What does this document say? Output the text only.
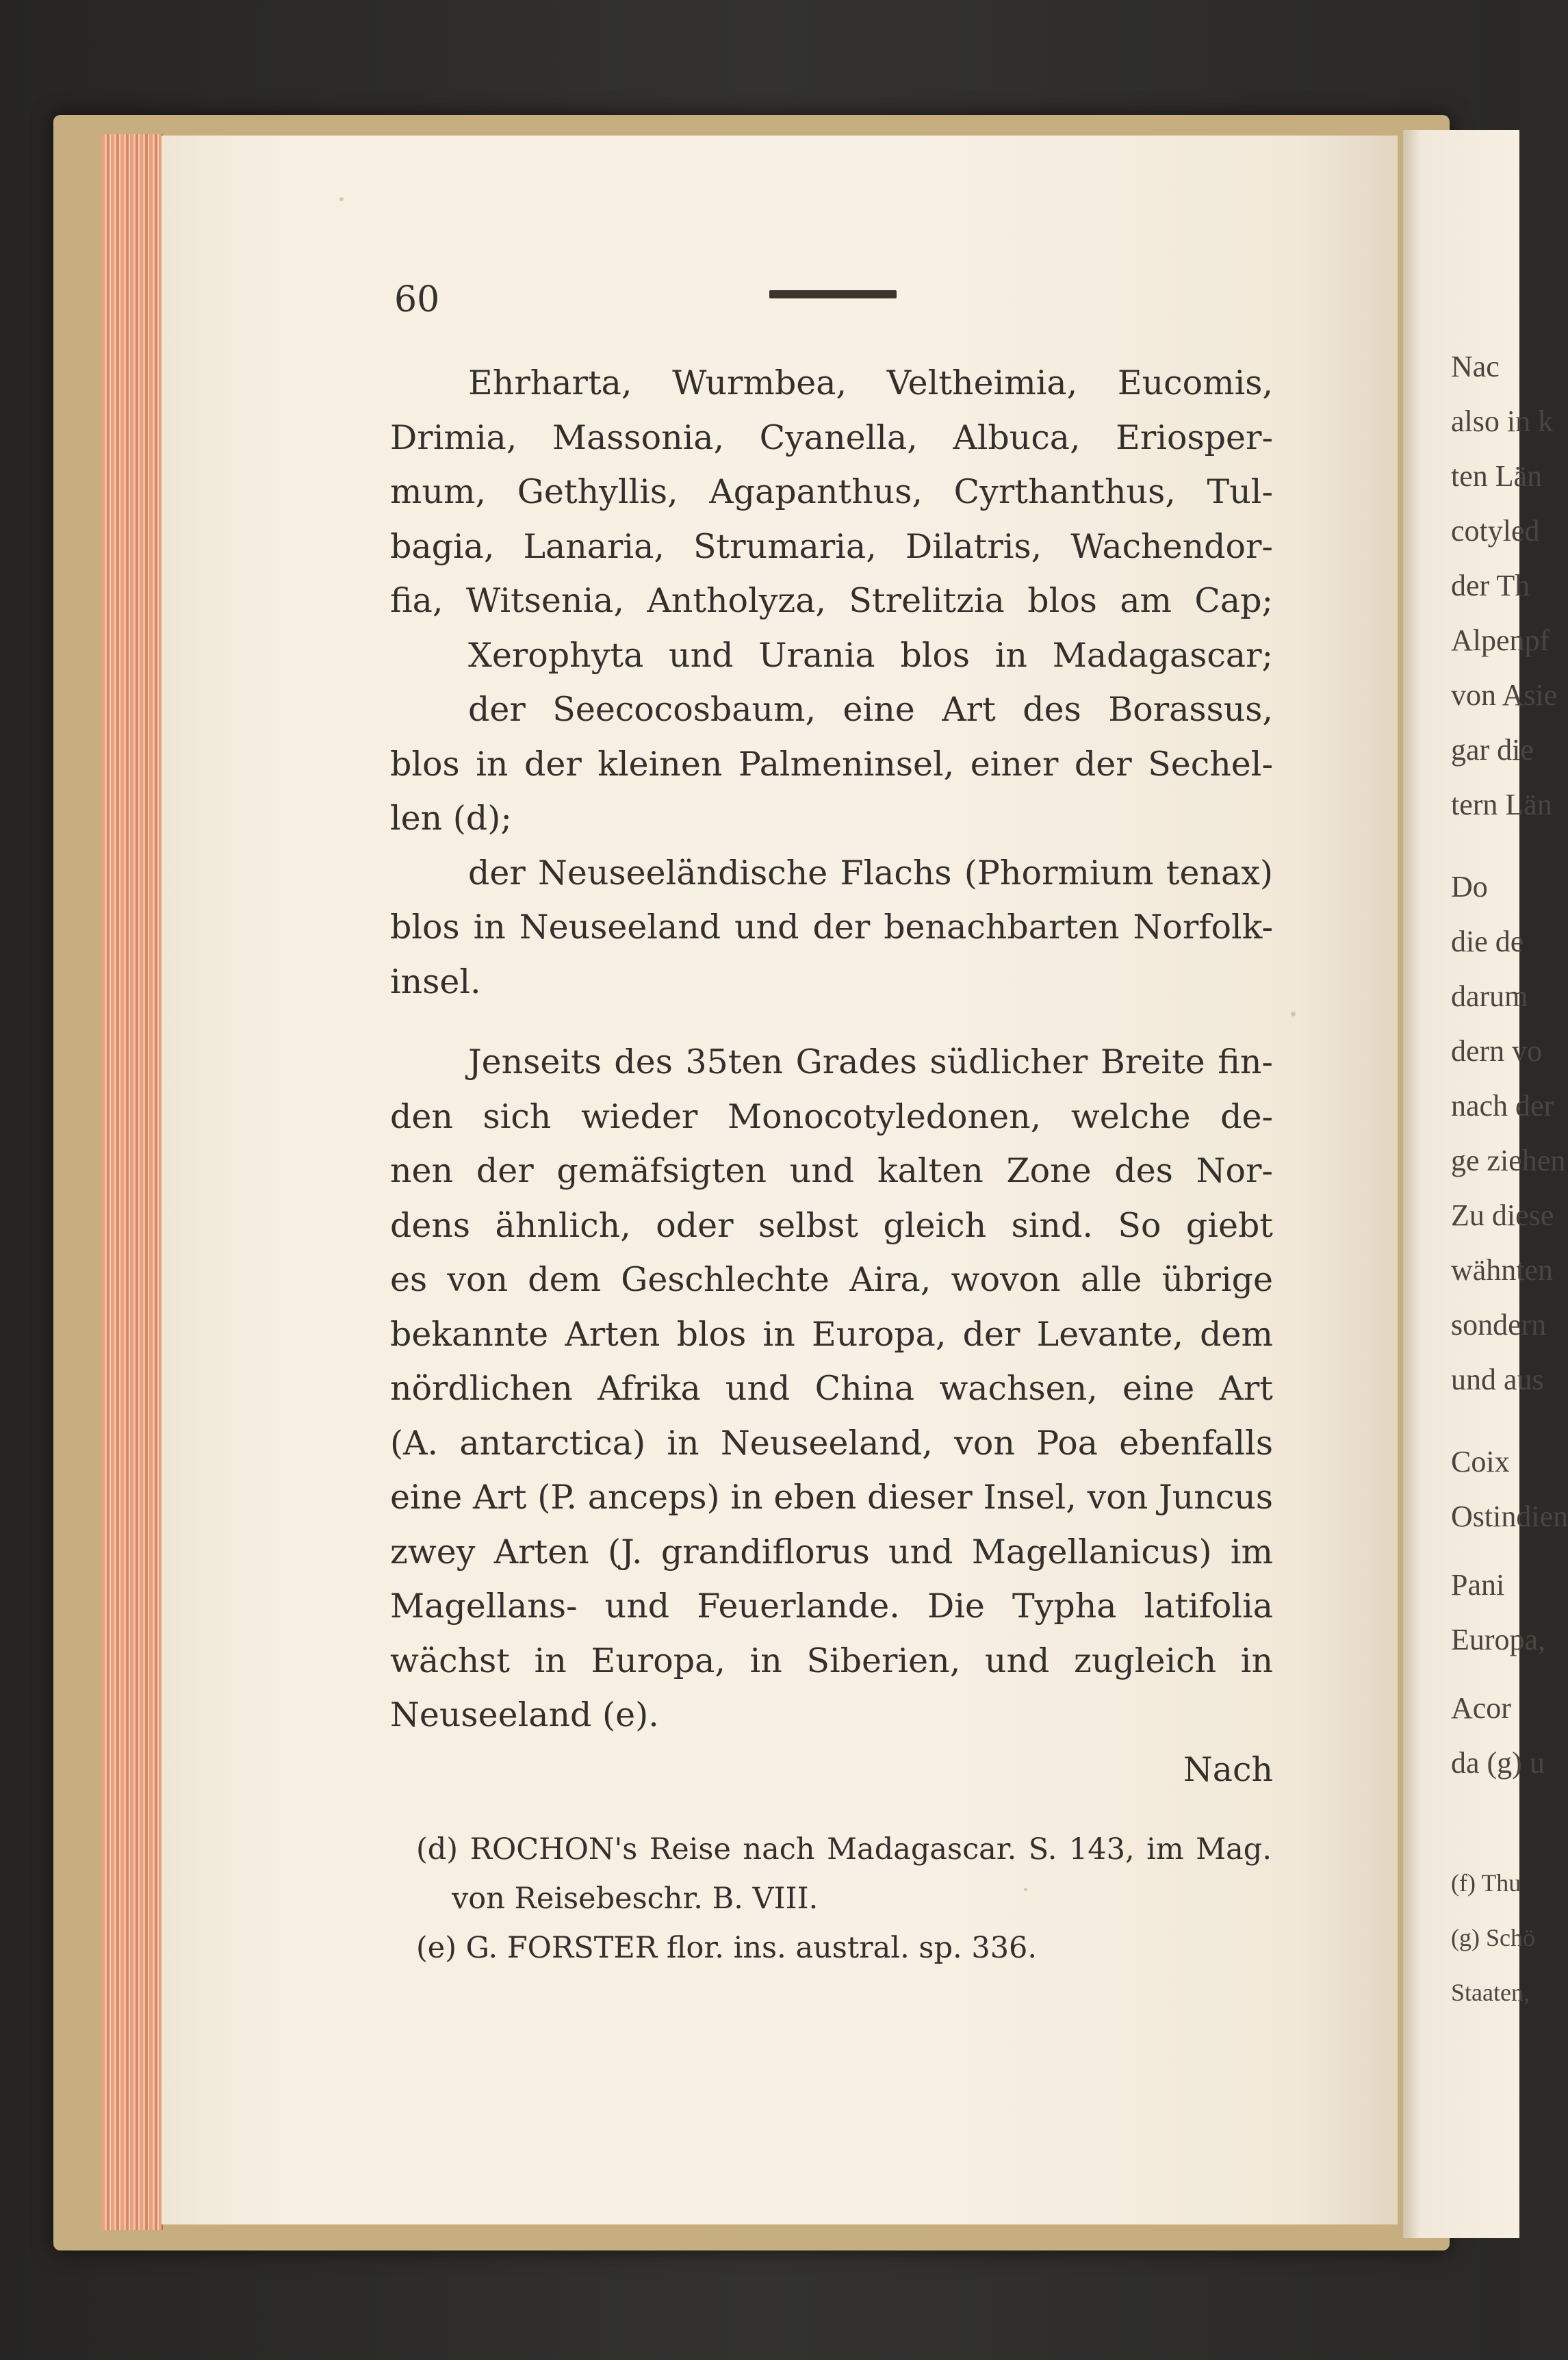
Nac
also in k
ten Län
cotyled
der Th
Alpenpf
von Asie
gar die
tern Län
Do
die de
darum
dern vo
nach der
ge ziehen
Zu diese
wähnten
sondern
und aus
Coix
Ostindien
Pani
Europa,
Acor
da (g) u
(f) Thu
(g) Schö
Staaten,
60
Ehrharta, Wurmbea, Veltheimia, Eucomis,
Drimia, Massonia, Cyanella, Albuca, Eriosper-
mum, Gethyllis, Agapanthus, Cyrthanthus, Tul-
bagia, Lanaria, Strumaria, Dilatris, Wachendor-
fia, Witsenia, Antholyza, Strelitzia blos am Cap;
Xerophyta und Urania blos in Madagascar;
der Seecocosbaum, eine Art des Borassus,
blos in der kleinen Palmeninsel, einer der Sechel-
len (d);
der Neuseeländische Flachs (Phormium tenax)
blos in Neuseeland und der benachbarten Norfolk-
insel.
Jenseits des 35ten Grades südlicher Breite fin-
den sich wieder Monocotyledonen, welche de-
nen der gemäfsigten und kalten Zone des Nor-
dens ähnlich, oder selbst gleich sind. So giebt
es von dem Geschlechte Aira, wovon alle übrige
bekannte Arten blos in Europa, der Levante, dem
nördlichen Afrika und China wachsen, eine Art
(A. antarctica) in Neuseeland, von Poa ebenfalls
eine Art (P. anceps) in eben dieser Insel, von Juncus
zwey Arten (J. grandiflorus und Magellanicus) im
Magellans- und Feuerlande. Die Typha latifolia
wächst in Europa, in Siberien, und zugleich in
Neuseeland (e).
Nach
(d) ROCHON's Reise nach Madagascar. S. 143, im Mag.
von Reisebeschr. B. VIII.
(e) G. FORSTER flor. ins. austral. sp. 336.
